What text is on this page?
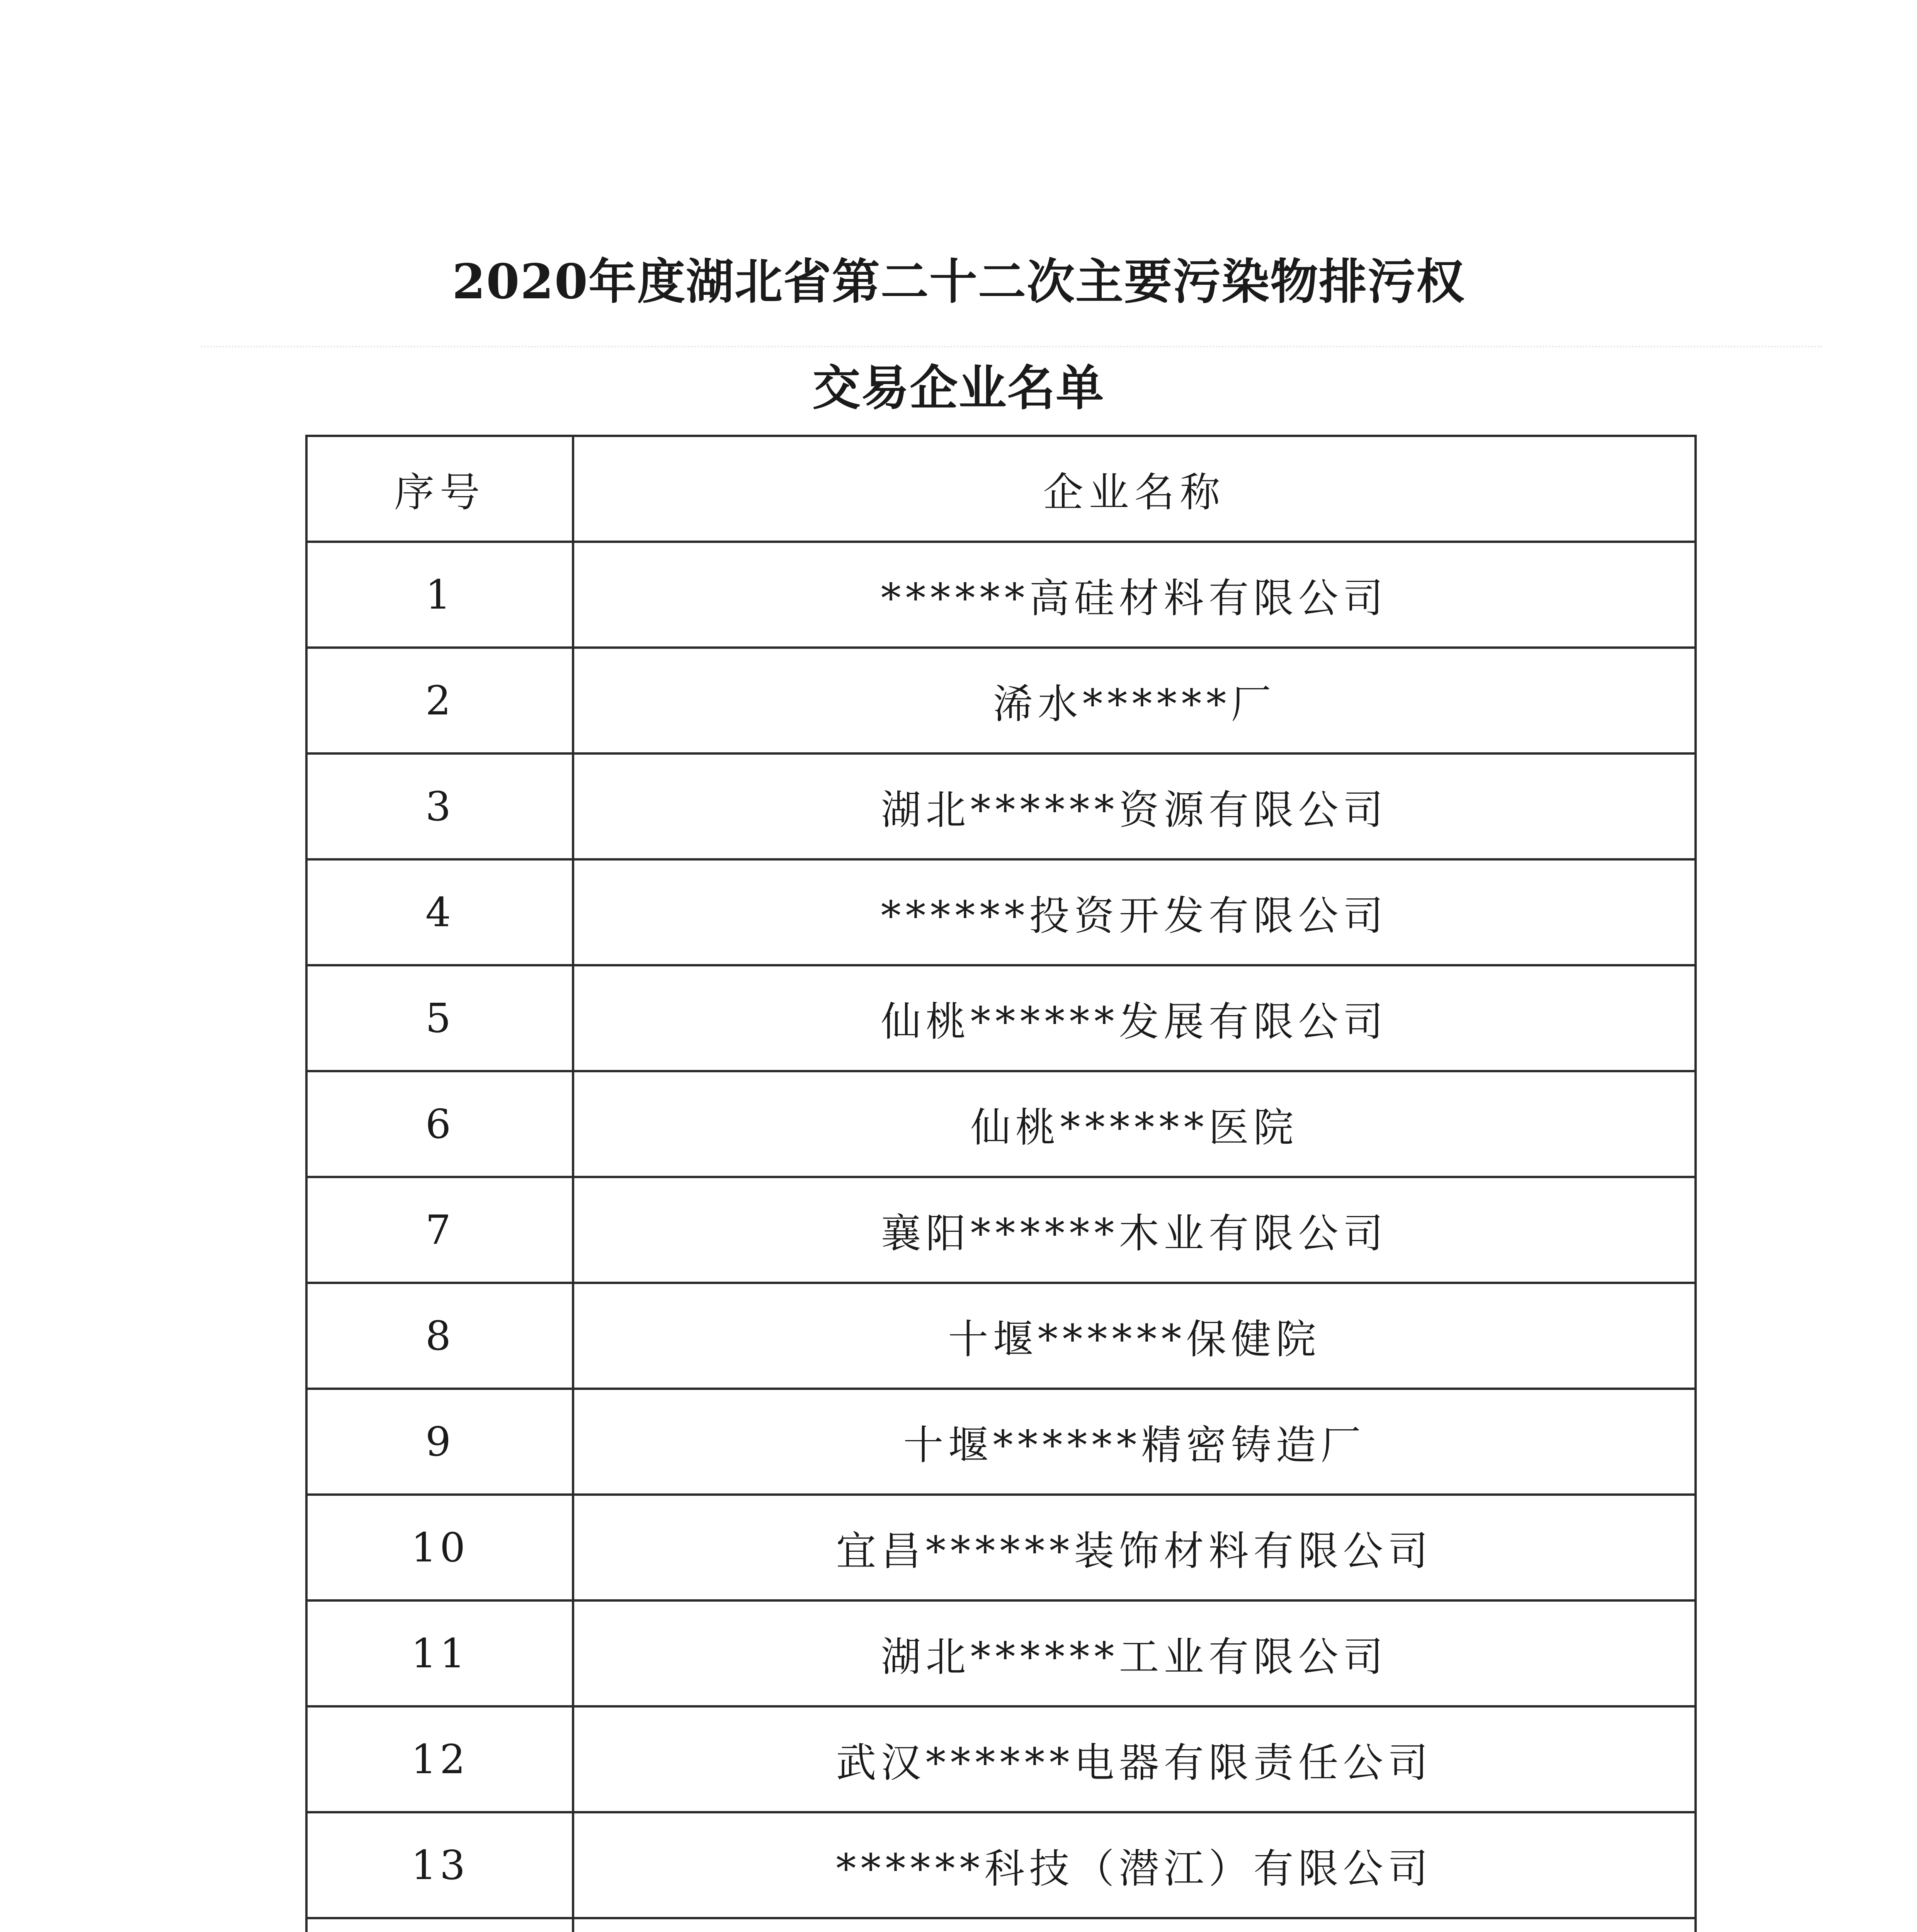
2020年度湖北省第二十二次主要污染物排污权
交易企业名单
序号	企业名称
1	******高硅材料有限公司
2	浠水******厂
3	湖北******资源有限公司
4	******投资开发有限公司
5	仙桃******发展有限公司
6	仙桃******医院
7	襄阳******木业有限公司
8	十堰******保健院
9	十堰******精密铸造厂
10	宜昌******装饰材料有限公司
11	湖北******工业有限公司
12	武汉******电器有限责任公司
13	******科技（潜江）有限公司
